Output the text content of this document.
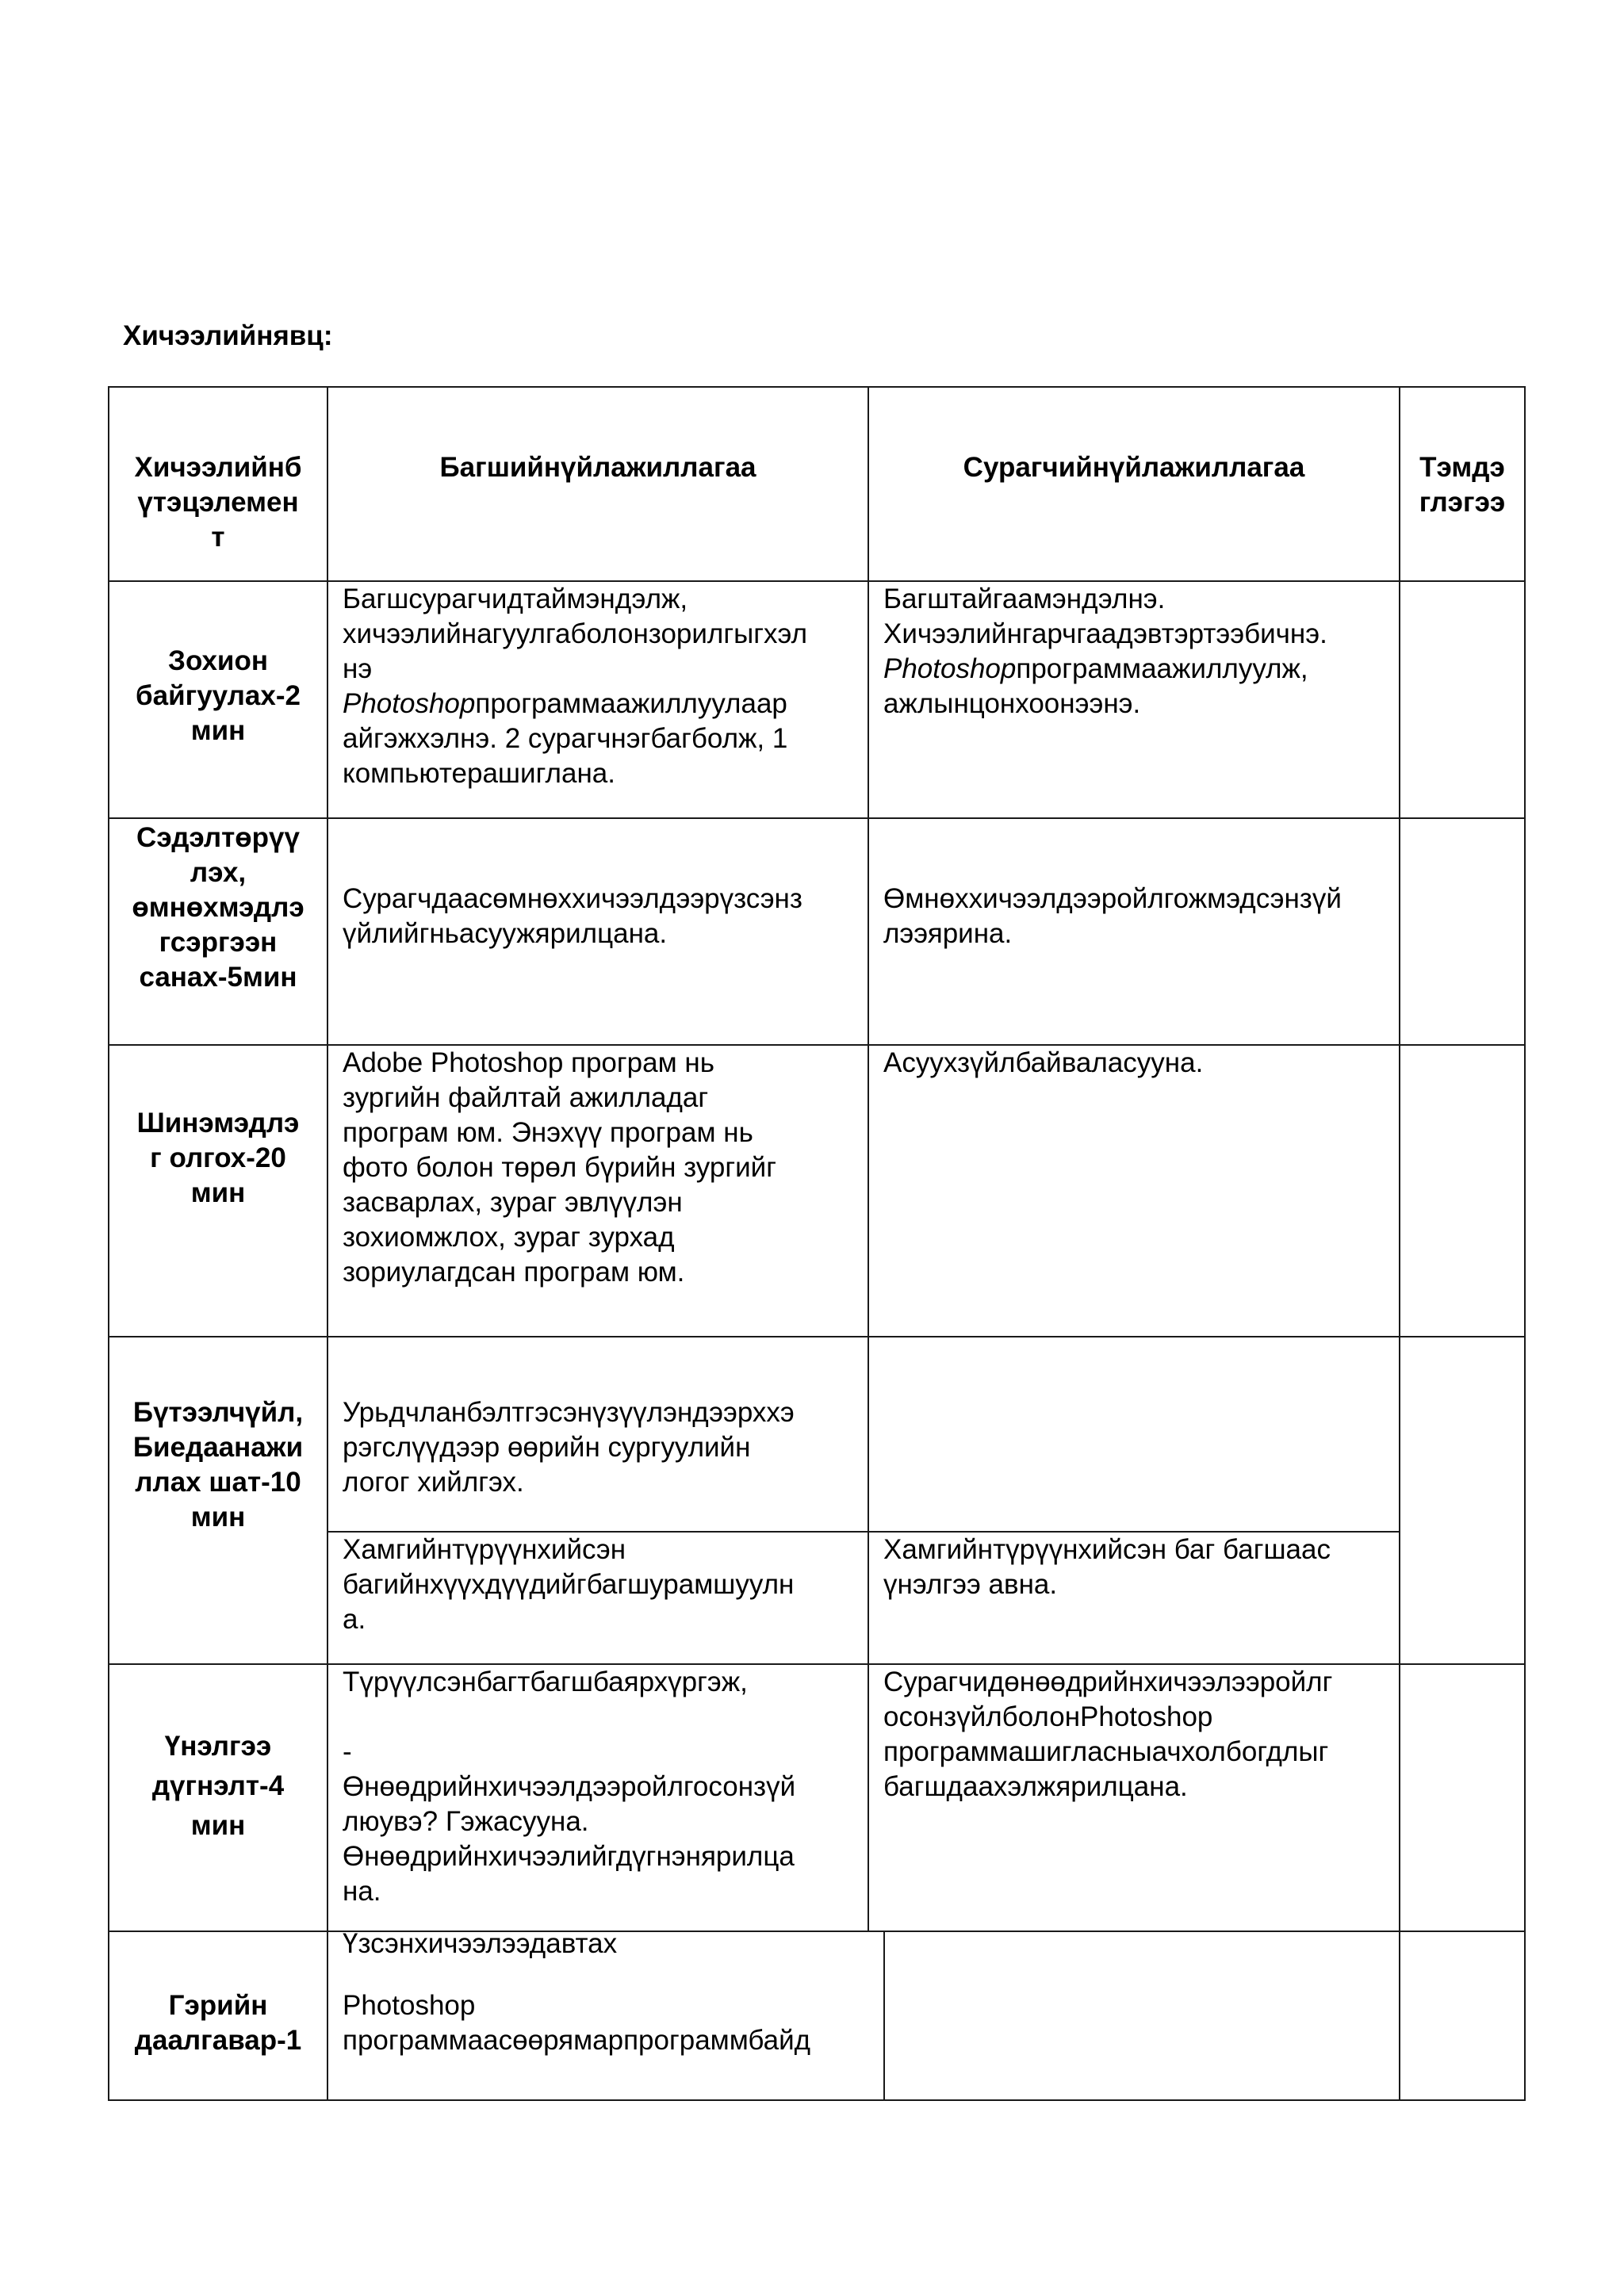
Хичээлийнявц:
Хичээлийнб
үтэцэлемен
т
Багшийнүйлажиллагаа	Сурагчийнүйлажиллагаа	Тэмдэ
глэгээ
Зохион
байгуулах-2
мин
Багшсурагчидтаймэндэлж,
хичээлийнагуулгаболонзорилгыгхэл
нэ
Photoshopпрограммаажиллуулаар
айгэжхэлнэ. 2 сурагчнэгбагболж, 1
компьютерашиглана.
Багштайгаамэндэлнэ.
Хичээлийнгарчгаадэвтэртээбичнэ.
Photoshopпрограммаажиллуулж,
ажлынцонхоонээнэ.
Сэдэлтөрүү
лэх,
өмнөхмэдлэ
гсэргээн
санах-5мин
Сурагчдаасөмнөххичээлдээрүзсэнз
үйлийгньасуужярилцана.
Өмнөххичээлдээройлгожмэдсэнзүй
лээярина.
Шинэмэдлэ
г олгох-20
мин
Adobe Photoshop програм нь
зургийн файлтай ажилладаг
програм юм. Энэхүү програм нь
фото болон төрөл бүрийн зургийг
засварлах, зураг эвлүүлэн
зохиомжлох, зураг зурхад
зориулагдсан програм юм.
Асуухзүйлбайваласууна.
Бүтээлчүйл,
Биедаанажи
ллах шат-10
мин
Урьдчланбэлтгэсэнүзүүлэндээрххэ
рэгслүүдээр өөрийн сургуулийн
логог хийлгэх.
Хамгийнтүрүүнхийсэн
багийнхүүхдүүдийгбагшурамшуулн
а.
Хамгийнтүрүүнхийсэн баг багшаас
үнэлгээ авна.
Үнэлгээ
дүгнэлт-4
мин
Түрүүлсэнбагтбагшбаярхүргэж,
-
Өнөөдрийнхичээлдээройлгосонзүй
люувэ? Гэжасууна.
Өнөөдрийнхичээлийгдүгнэнярилца
на.
Сурагчидөнөөдрийнхичээлээройлг
осонзүйлболонPhotoshop
программашигласныачхолбогдлыг
багшдаахэлжярилцана.
Гэрийн
даалгавар-1
Үзсэнхичээлээдавтах
Photoshop
программаасөөрямарпрограммбайд
